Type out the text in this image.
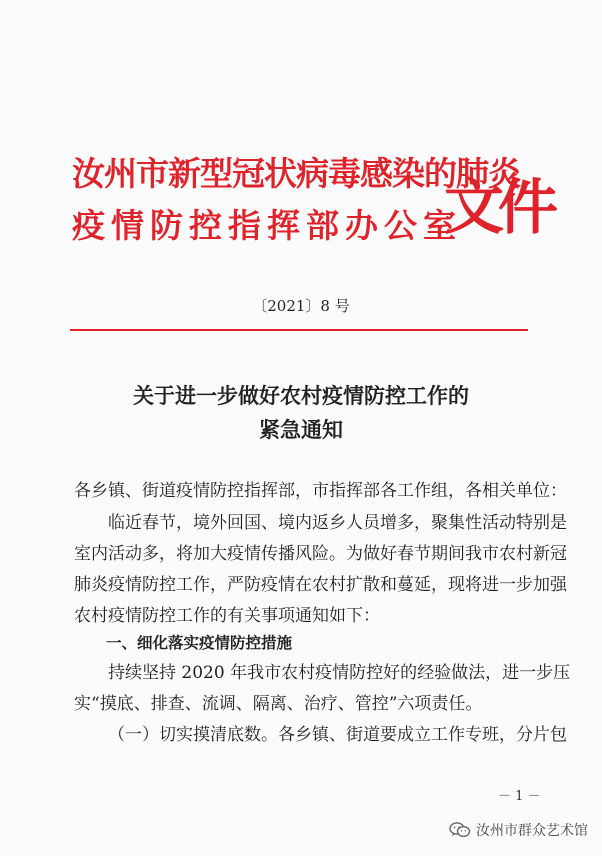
汝州市新型冠状病毒感染的肺炎
疫情防控指挥部办公室
文件
〔2021〕8 号
关于进一步做好农村疫情防控工作的
紧急通知
各乡镇、街道疫情防控指挥部，市指挥部各工作组，各相关单位：
临近春节，境外回国、境内返乡人员增多，聚集性活动特别是
室内活动多，将加大疫情传播风险。为做好春节期间我市农村新冠
肺炎疫情防控工作，严防疫情在农村扩散和蔓延，现将进一步加强
农村疫情防控工作的有关事项通知如下：
一、细化落实疫情防控措施
持续坚持 2020 年我市农村疫情防控好的经验做法，进一步压
实“摸底、排查、流调、隔离、治疗、管控”六项责任。
（一）切实摸清底数。各乡镇、街道要成立工作专班，分片包
－ 1 －
汝州市群众艺术馆
